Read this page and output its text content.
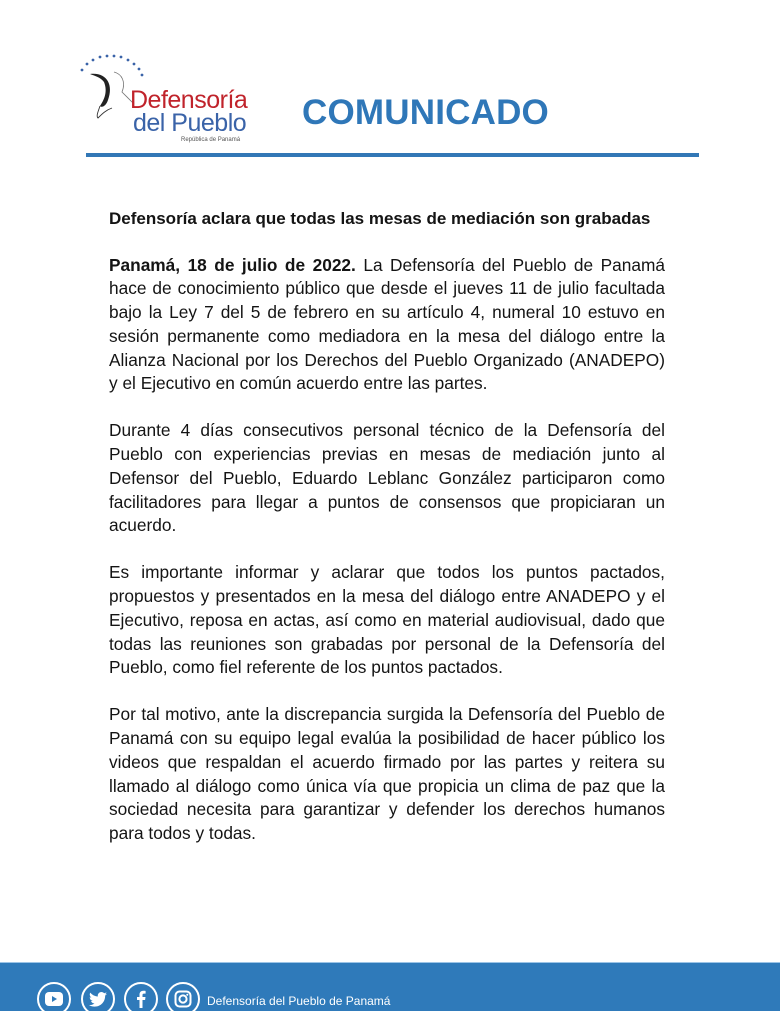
Defensoría
del Pueblo
República de Panamá
COMUNICADO

Defensoría aclara que todas las mesas de mediación son grabadas

Panamá, 18 de julio de 2022. La Defensoría del Pueblo de Panamá hace de conocimiento público que desde el jueves 11 de julio facultada bajo la Ley 7 del 5 de febrero en su artículo 4, numeral 10 estuvo en sesión permanente como mediadora en la mesa del diálogo entre la Alianza Nacional por los Derechos del Pueblo Organizado (ANADEPO) y el Ejecutivo en común acuerdo entre las partes.

Durante 4 días consecutivos personal técnico de la Defensoría del Pueblo con experiencias previas en mesas de mediación junto al Defensor del Pueblo, Eduardo Leblanc González participaron como facilitadores para llegar a puntos de consensos que propiciaran un acuerdo.

Es importante informar y aclarar que todos los puntos pactados, propuestos y presentados en la mesa del diálogo entre ANADEPO y el Ejecutivo, reposa en actas, así como en material audiovisual, dado que todas las reuniones son grabadas por personal de la Defensoría del Pueblo, como fiel referente de los puntos pactados.

Por tal motivo, ante la discrepancia surgida la Defensoría del Pueblo de Panamá con su equipo legal evalúa la posibilidad de hacer público los videos que respaldan el acuerdo firmado por las partes y reitera su llamado al diálogo como única vía que propicia un clima de paz que la sociedad necesita para garantizar y defender los derechos humanos para todos y todas.

Defensoría del Pueblo de Panamá
